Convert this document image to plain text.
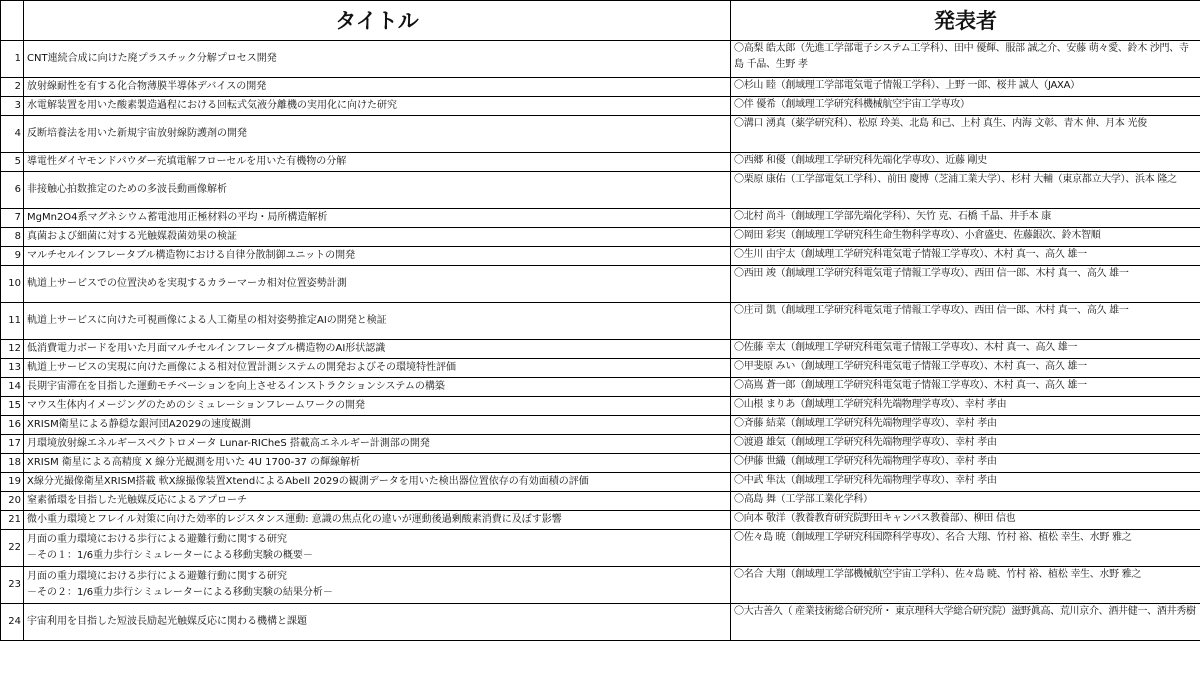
	タイトル	発表者
1	CNT連続合成に向けた廃プラスチック分解プロセス開発	〇高梨 皓太郎（先進工学部電子システム工学科）、田中 優輝、服部 誠之介、安藤 萌々愛、鈴木 沙門、寺島 千晶、生野 孝
2	放射線耐性を有する化合物薄膜半導体デバイスの開発	〇杉山 睦（創域理工学部電気電子情報工学科）、上野 一郎、桜井 誠人（JAXA）
3	水電解装置を用いた酸素製造過程における回転式気液分離機の実用化に向けた研究	〇伴 優希（創域理工学研究科機械航空宇宙工学専攻）
4	反断培養法を用いた新規宇宙放射線防護剤の開発	〇溝口 湧真（薬学研究科）、松原 玲美、北島 和己、上村 真生、内海 文彰、青木 伸、月本 光俊
5	導電性ダイヤモンドパウダー充填電解フローセルを用いた有機物の分解	〇西郷 和優（創域理工学研究科先端化学専攻）、近藤 剛史
6	非接触心拍数推定のための多波長動画像解析	〇栗原 康佑（工学部電気工学科）、前田 慶博（芝浦工業大学）、杉村 大輔（東京都立大学）、浜本 隆之
7	MgMn2O4系マグネシウム蓄電池用正極材料の平均・局所構造解析	〇北村 尚斗（創域理工学部先端化学科）、矢竹 克、石橋 千晶、井手本 康
8	真菌および細菌に対する光触媒殺菌効果の検証	〇岡田 彩実（創域理工学研究科生命生物科学専攻）、小倉盛史、佐藤銀次、鈴木智順
9	マルチセルインフレータブル構造物における自律分散制御ユニットの開発	〇生川 由宇太（創域理工学研究科電気電子情報工学専攻）、木村 真一、高久 雄一
10	軌道上サービスでの位置決めを実現するカラーマーカ相対位置姿勢計測	〇西田 竣（創域理工学研究科電気電子情報工学専攻）、西田 信一郎、木村 真一、高久 雄一
11	軌道上サービスに向けた可視画像による人工衛星の相対姿勢推定AIの開発と検証	〇庄司 凱（創域理工学研究科電気電子情報工学専攻）、西田 信一郎、木村 真一、高久 雄一
12	低消費電力ボードを用いた月面マルチセルインフレータブル構造物のAI形状認識	〇佐藤 幸太（創域理工学研究科電気電子情報工学専攻）、木村 真一、高久 雄一
13	軌道上サービスの実現に向けた画像による相対位置計測システムの開発およびその環境特性評価	〇甲斐原 みい（創域理工学研究科電気電子情報工学専攻）、木村 真一、高久 雄一
14	長期宇宙滞在を目指した運動モチベーションを向上させるインストラクションシステムの構築	〇高嶌 蒼一郎（創域理工学研究科電気電子情報工学専攻）、木村 真一、高久 雄一
15	マウス生体内イメージングのためのシミュレーションフレームワークの開発	〇山根 まりあ（創域理工学研究科先端物理学専攻）、幸村 孝由
16	XRISM衛星による静穏な銀河団A2029の速度観測	〇斉藤 結菜（創域理工学研究科先端物理学専攻）、幸村 孝由
17	月環境放射線エネルギースペクトロメータ Lunar-RICheS 搭載高エネルギー計測部の開発	〇渡邉 雄気（創域理工学研究科先端物理学専攻）、幸村 孝由
18	XRISM 衛星による高精度 X 線分光観測を用いた 4U 1700-37 の輝線解析	〇伊藤 世織（創域理工学研究科先端物理学専攻）、幸村 孝由
19	X線分光撮像衛星XRISM搭載 軟X線撮像装置XtendによるAbell 2029の観測データを用いた検出器位置依存の有効面積の評価	〇中武 隼汰（創域理工学研究科先端物理学専攻）、幸村 孝由
20	窒素循環を目指した光触媒反応によるアプローチ	〇高島 舞（工学部工業化学科）
21	微小重力環境とフレイル対策に向けた効率的レジスタンス運動: 意識の焦点化の違いが運動後過剰酸素消費に及ぼす影響	〇向本 敬洋（教養教育研究院野田キャンパス教養部）、柳田 信也
22	月面の重力環境における歩行による避難行動に関する研究
－その１：1/6重力歩行シミュレーターによる移動実験の概要－	〇佐々島 暁（創域理工学研究科国際科学専攻）、名合 大翔、竹村 裕、植松 幸生、水野 雅之
23	月面の重力環境における歩行による避難行動に関する研究
－その２：1/6重力歩行シミュレーターによる移動実験の結果分析－	〇名合 大翔（創域理工学部機械航空宇宙工学科）、佐々島 暁、竹村 裕、植松 幸生、水野 雅之
24	宇宙利用を目指した短波長励起光触媒反応に関わる機構と課題	〇大古善久（ 産業技術総合研究所・ 東京理科大学総合研究院）滋野眞高、荒川京介、酒井健一、酒井秀樹
